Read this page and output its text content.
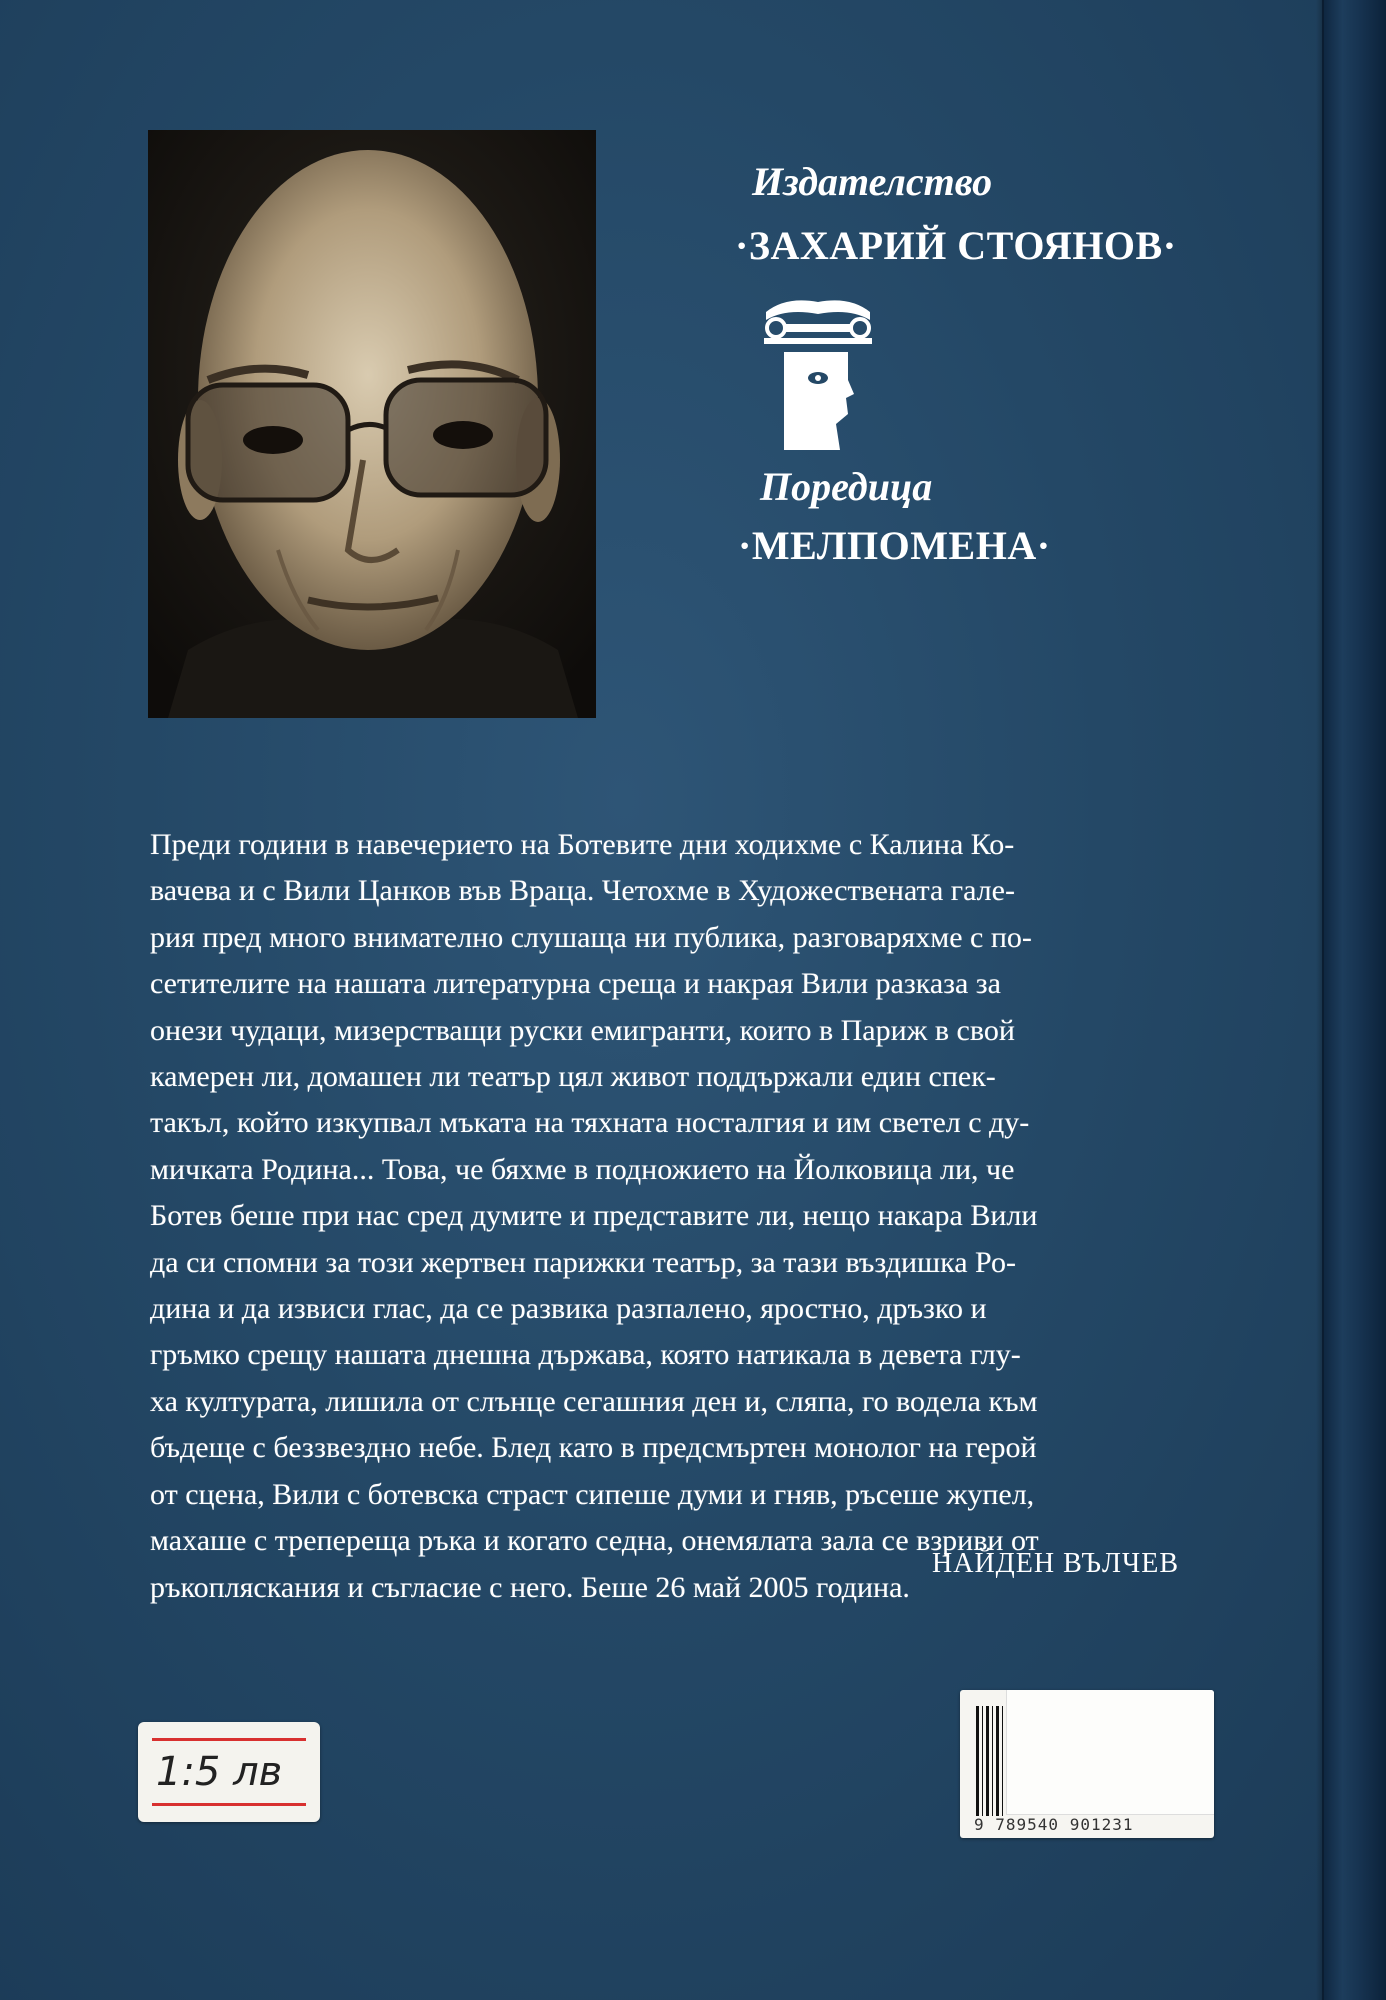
Издателство
·ЗАХАРИЙ СТОЯНОВ·
Поредица
·МЕЛПОМЕНА·
Преди години в навечерието на Ботевите дни ходихме с Калина Ко-
вачева и с Вили Цанков във Враца. Четохме в Художествената гале-
рия пред много внимателно слушаща ни публика, разговаряхме с по-
сетителите на нашата литературна среща и накрая Вили разказа за
онези чудаци, мизерстващи руски емигранти, които в Париж в свой
камерен ли, домашен ли театър цял живот поддържали един спек-
такъл, който изкупвал мъката на тяхната носталгия и им светел с ду-
мичката Родина... Това, че бяхме в подножието на Йолковица ли, че
Ботев беше при нас сред думите и представите ли, нещо накара Вили
да си спомни за този жертвен парижки театър, за тази въздишка Ро-
дина и да извиси глас, да се развика разпалено, яростно, дръзко и
гръмко срещу нашата днешна държава, която натикала в девета глу-
ха културата, лишила от слънце сегашния ден и, сляпа, го водела към
бъдеще с беззвездно небе. Блед като в предсмъртен монолог на герой
от сцена, Вили с ботевска страст сипеше думи и гняв, ръсеше жупел,
махаше с трепереща ръка и когато седна, онемялата зала се взриви от
ръкопляскания и съгласие с него. Беше 26 май 2005 година.
НАЙДЕН ВЪЛЧЕВ
1:5 лв
9 789540 901231
